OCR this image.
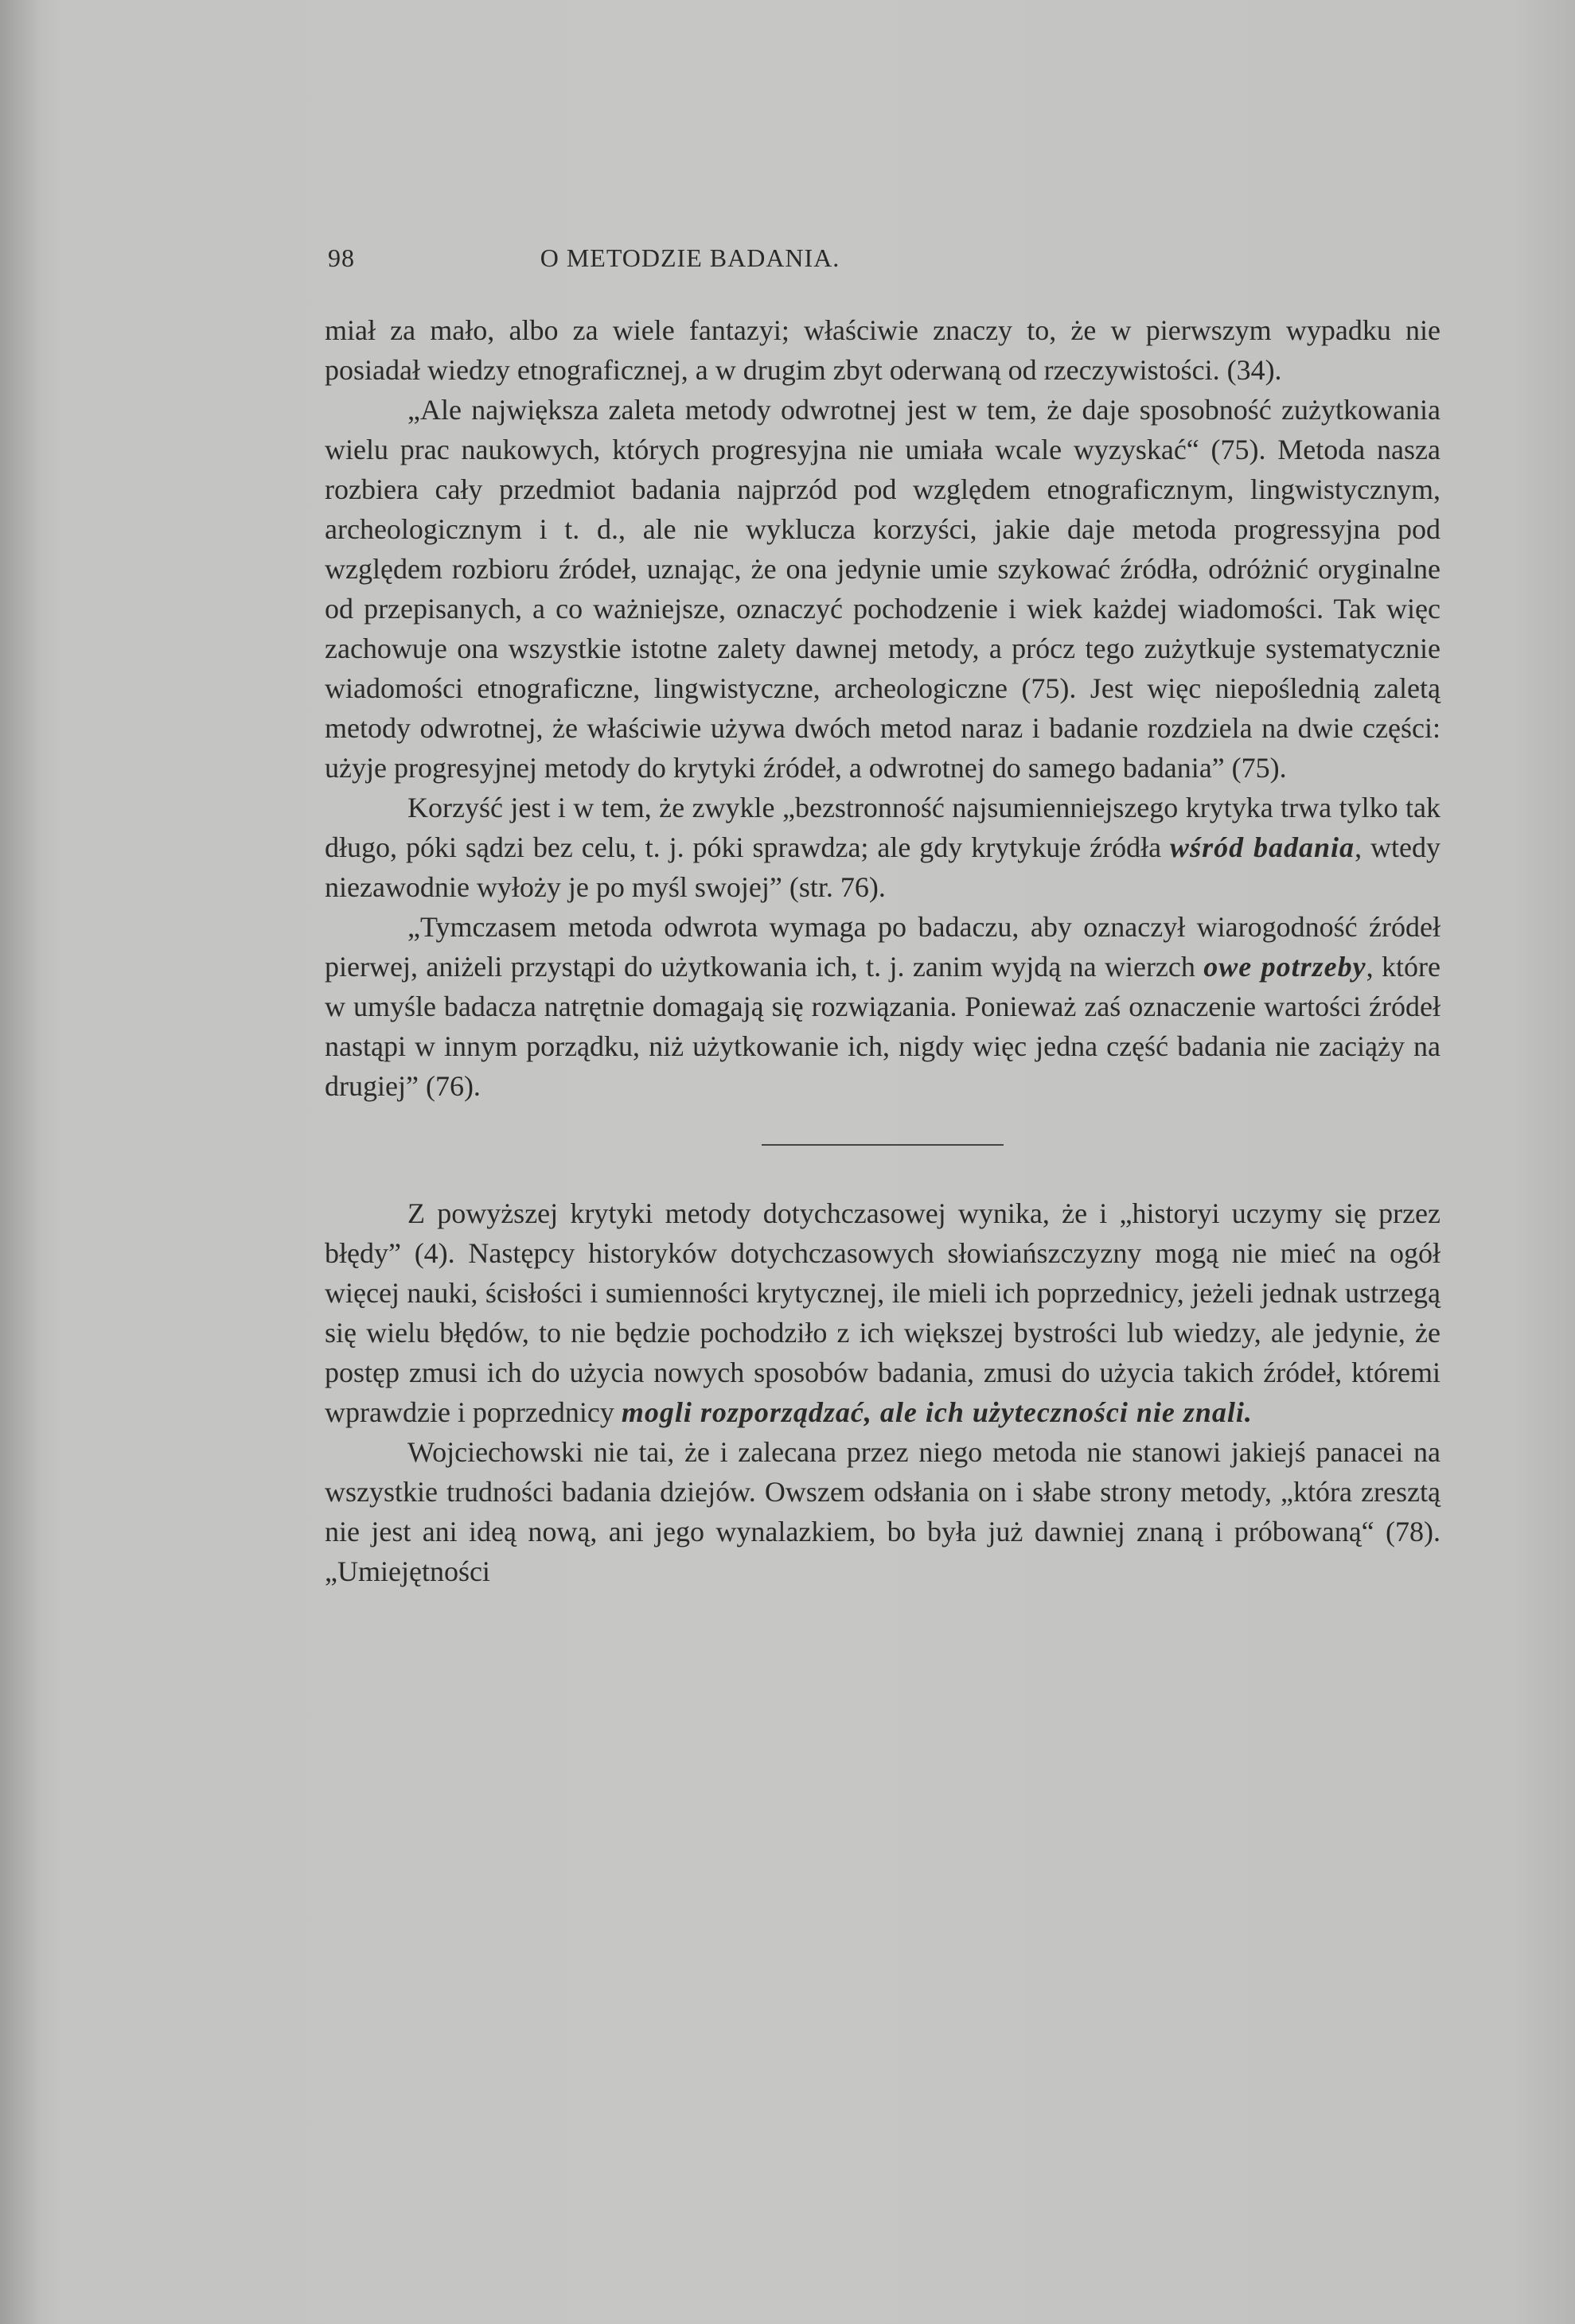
98	O METODZIE BADANIA.

miał za mało, albo za wiele fantazyi; właściwie znaczy to, że w pierwszym wypadku nie posiadał wiedzy etnograficznej, a w drugim zbyt oderwaną od rzeczywistości. (34).

„Ale największa zaleta metody odwrotnej jest w tem, że daje sposobność zużytkowania wielu prac naukowych, których progresyjna nie umiała wcale wyzyskać“ (75). Metoda nasza rozbiera cały przedmiot badania najprzód pod względem etnograficznym, lingwistycznym, archeologicznym i t. d., ale nie wyklucza korzyści, jakie daje metoda progressyjna pod względem rozbioru źródeł, uznając, że ona jedynie umie szykować źródła, odróżnić oryginalne od przepisanych, a co ważniejsze, oznaczyć pochodzenie i wiek każdej wiadomości. Tak więc zachowuje ona wszystkie istotne zalety dawnej metody, a prócz tego zużytkuje systematycznie wiadomości etnograficzne, lingwistyczne, archeologiczne (75). Jest więc niepoślednią zaletą metody odwrotnej, że właściwie używa dwóch metod naraz i badanie rozdziela na dwie części: użyje progresyjnej metody do krytyki źródeł, a odwrotnej do samego badania” (75).

Korzyść jest i w tem, że zwykle „bezstronność najsumienniejszego krytyka trwa tylko tak długo, póki sądzi bez celu, t. j. póki sprawdza; ale gdy krytykuje źródła wśród badania, wtedy niezawodnie wyłoży je po myśl swojej” (str. 76).

„Tymczasem metoda odwrota wymaga po badaczu, aby oznaczył wiarogodność źródeł pierwej, aniżeli przystąpi do użytkowania ich, t. j. zanim wyjdą na wierzch owe potrzeby, które w umyśle badacza natrętnie domagają się rozwiązania. Ponieważ zaś oznaczenie wartości źródeł nastąpi w innym porządku, niż użytkowanie ich, nigdy więc jedna część badania nie zaciąży na drugiej” (76).

Z powyższej krytyki metody dotychczasowej wynika, że i „historyi uczymy się przez błędy” (4). Następcy historyków dotychczasowych słowiańszczyzny mogą nie mieć na ogół więcej nauki, ścisłości i sumienności krytycznej, ile mieli ich poprzednicy, jeżeli jednak ustrzegą się wielu błędów, to nie będzie pochodziło z ich większej bystrości lub wiedzy, ale jedynie, że postęp zmusi ich do użycia nowych sposobów badania, zmusi do użycia takich źródeł, któremi wprawdzie i poprzednicy mogli rozporządzać, ale ich użyteczności nie znali.

Wojciechowski nie tai, że i zalecana przez niego metoda nie stanowi jakiejś panacei na wszystkie trudności badania dziejów. Owszem odsłania on i słabe strony metody, „która zresztą nie jest ani ideą nową, ani jego wynalazkiem, bo była już dawniej znaną i próbowaną“ (78). „Umiejętności
